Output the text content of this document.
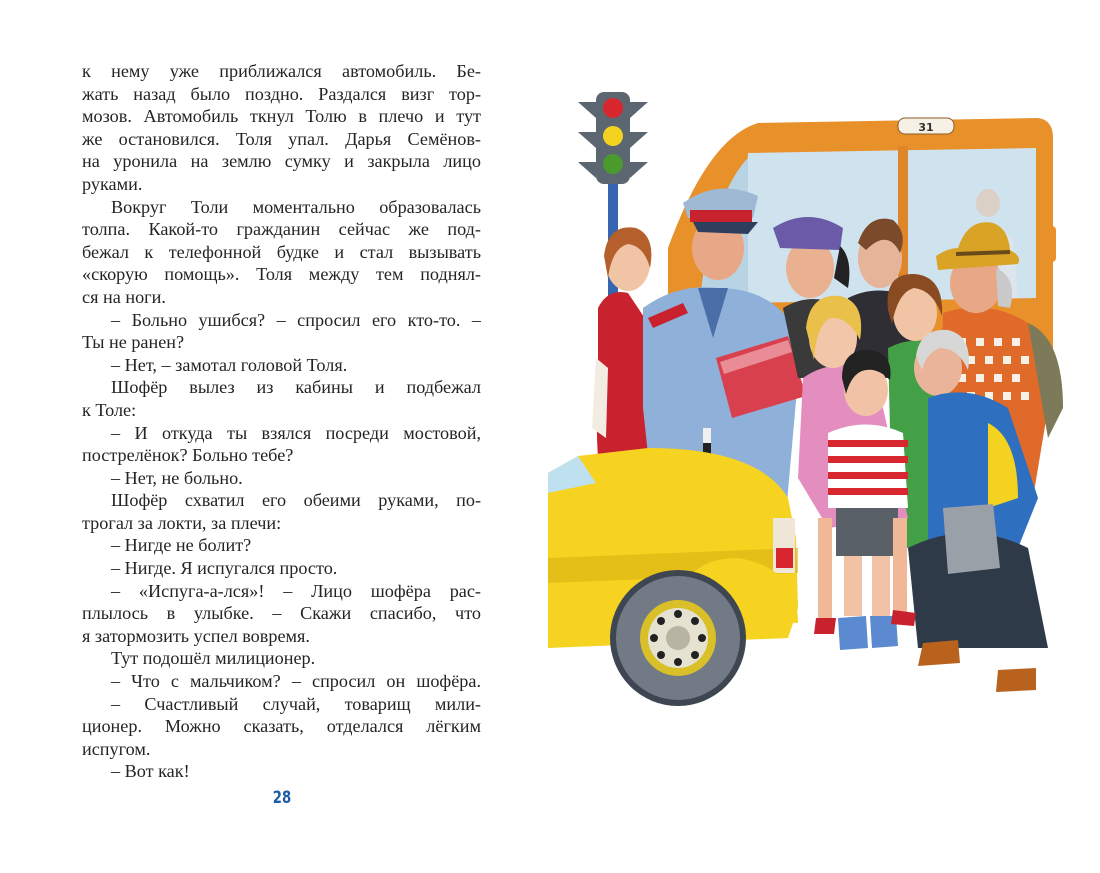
к нему уже приближался автомобиль. Бе-
жать назад было поздно. Раздался визг тор-
мозов. Автомобиль ткнул Толю в плечо и тут
же остановился. Толя упал. Дарья Семёнов-
на уронила на землю сумку и закрыла лицо
руками.
Вокруг Толи моментально образовалась
толпа. Какой-то гражданин сейчас же под-
бежал к телефонной будке и стал вызывать
«скорую помощь». Толя между тем поднял-
ся на ноги.
– Больно ушибся? – спросил его кто-то. –
Ты не ранен?
– Нет, – замотал головой Толя.
Шофёр вылез из кабины и подбежал
к Толе:
– И откуда ты взялся посреди мостовой,
пострелёнок? Больно тебе?
– Нет, не больно.
Шофёр схватил его обеими руками, по-
трогал за локти, за плечи:
– Нигде не болит?
– Нигде. Я испугался просто.
– «Испуга-а-лся»! – Лицо шофёра рас-
плылось в улыбке. – Скажи спасибо, что
я затормозить успел вовремя.
Тут подошёл милиционер.
– Что с мальчиком? – спросил он шофёра.
– Счастливый случай, товарищ мили-
ционер. Можно сказать, отделался лёгким
испугом.
– Вот как!
28
31
